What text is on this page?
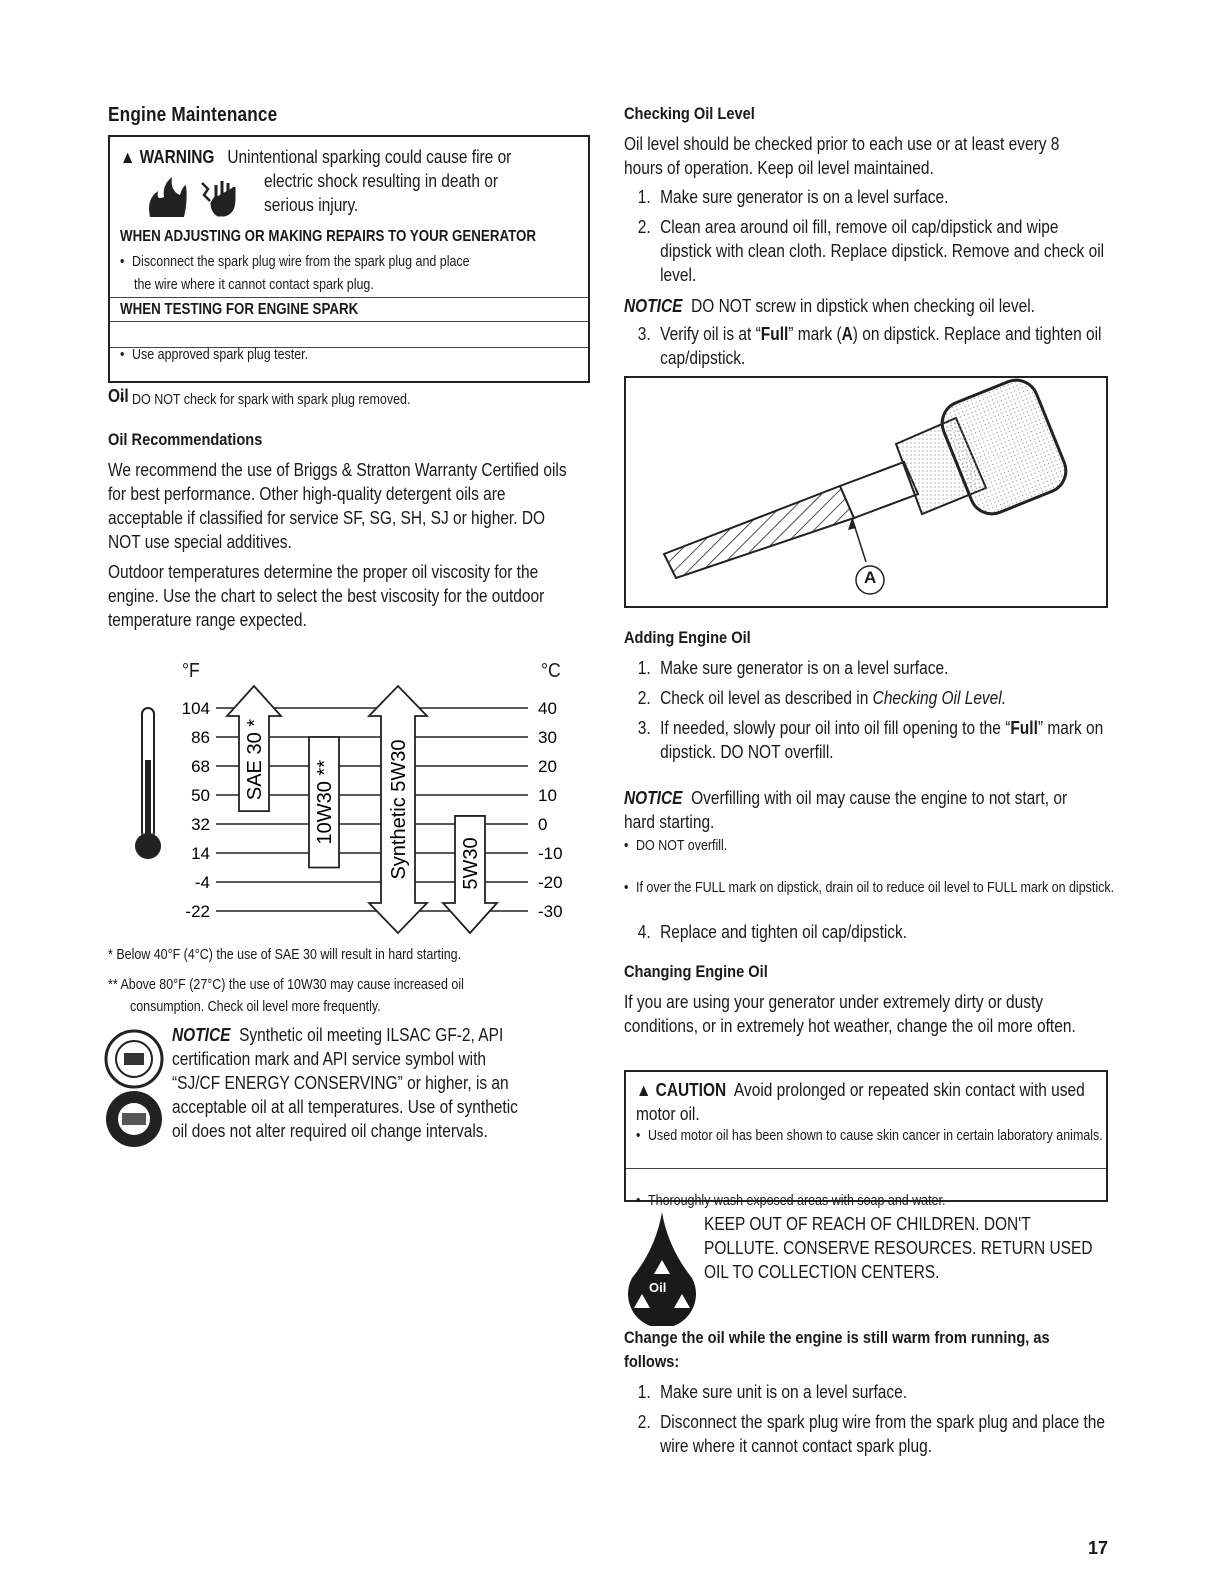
Engine Maintenance
▲ WARNING Unintentional sparking could cause fire or
electric shock resulting in death or
serious injury.
WHEN ADJUSTING OR MAKING REPAIRS TO YOUR GENERATOR
• Disconnect the spark plug wire from the spark plug and place
the wire where it cannot contact spark plug.
WHEN TESTING FOR ENGINE SPARK
• Use approved spark plug tester.
• DO NOT check for spark with spark plug removed.
Oil
Oil Recommendations
We recommend the use of Briggs & Stratton Warranty Certified oils for best performance. Other high-quality detergent oils are acceptable if classified for service SF, SG, SH, SJ or higher. DO NOT use special additives.
Outdoor temperatures determine the proper oil viscosity for the engine. Use the chart to select the best viscosity for the outdoor temperature range expected.
SAE 30 *
10W30 **	Synthetic 5W30	5W30
104	40
86	30
68	20
50	10
32	0
14	-10
-4	-20
-22	-30
°F	°C
* Below 40°F (4°C) the use of SAE 30 will result in hard starting.
** Above 80°F (27°C) the use of 10W30 may cause increased oil
consumption. Check oil level more frequently.
NOTICE Synthetic oil meeting ILSAC GF-2, API
certification mark and API service symbol with
“SJ/CF ENERGY CONSERVING” or higher, is an
acceptable oil at all temperatures. Use of synthetic
oil does not alter required oil change intervals.
Checking Oil Level
Oil level should be checked prior to each use or at least every 8 hours of operation. Keep oil level maintained.
1. Make sure generator is on a level surface.
2. Clean area around oil fill, remove oil cap/dipstick and wipe dipstick with clean cloth. Replace dipstick. Remove and check oil level.
NOTICE DO NOT screw in dipstick when checking oil level.
3. Verify oil is at “Full” mark (A) on dipstick. Replace and tighten oil cap/dipstick.
A
Adding Engine Oil
1. Make sure generator is on a level surface.
2. Check oil level as described in Checking Oil Level.
3. If needed, slowly pour oil into oil fill opening to the “Full” mark on dipstick. DO NOT overfill.
NOTICE Overfilling with oil may cause the engine to not start, or hard starting.
• DO NOT overfill.
• If over the FULL mark on dipstick, drain oil to reduce oil level to FULL mark on dipstick.
4. Replace and tighten oil cap/dipstick.
Changing Engine Oil
If you are using your generator under extremely dirty or dusty conditions, or in extremely hot weather, change the oil more often.
▲ CAUTION Avoid prolonged or repeated skin contact with used motor oil.
• Used motor oil has been shown to cause skin cancer in certain laboratory animals.
• Thoroughly wash exposed areas with soap and water.
Oil
KEEP OUT OF REACH OF CHILDREN. DON'T POLLUTE. CONSERVE RESOURCES. RETURN USED OIL TO COLLECTION CENTERS.
Change the oil while the engine is still warm from running, as follows:
1. Make sure unit is on a level surface.
2. Disconnect the spark plug wire from the spark plug and place the wire where it cannot contact spark plug.
17
